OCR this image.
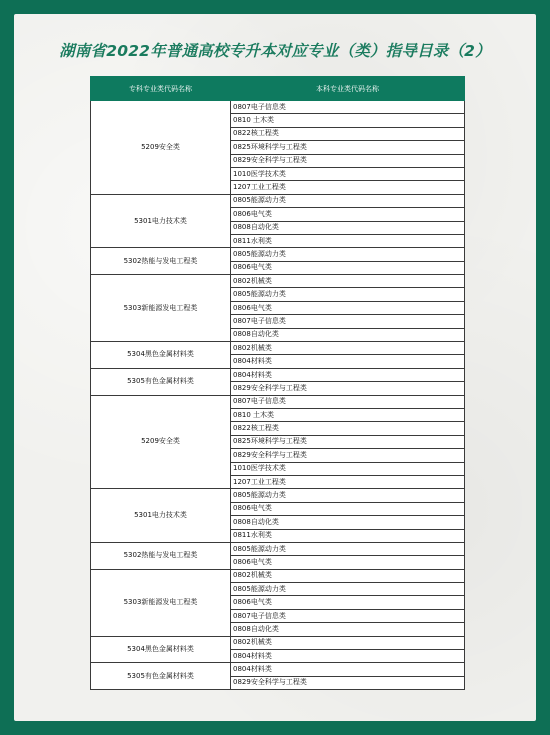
湖南省2022年普通高校专升本对应专业（类）指导目录（2）
专科专业类代码名称	本科专业类代码名称
5209安全类	0807电子信息类
	0810 土木类
	0822核工程类
	0825环境科学与工程类
	0829安全科学与工程类
	1010医学技术类
	1207工业工程类
5301电力技术类	0805能源动力类
	0806电气类
	0808自动化类
	0811水利类
5302热能与发电工程类	0805能源动力类
	0806电气类
5303新能源发电工程类	0802机械类
	0805能源动力类
	0806电气类
	0807电子信息类
	0808自动化类
5304黑色金属材料类	0802机械类
	0804材料类
5305有色金属材料类	0804材料类
	0829安全科学与工程类
5209安全类	0807电子信息类
	0810 土木类
	0822核工程类
	0825环境科学与工程类
	0829安全科学与工程类
	1010医学技术类
	1207工业工程类
5301电力技术类	0805能源动力类
	0806电气类
	0808自动化类
	0811水利类
5302热能与发电工程类	0805能源动力类
	0806电气类
5303新能源发电工程类	0802机械类
	0805能源动力类
	0806电气类
	0807电子信息类
	0808自动化类
5304黑色金属材料类	0802机械类
	0804材料类
5305有色金属材料类	0804材料类
	0829安全科学与工程类
